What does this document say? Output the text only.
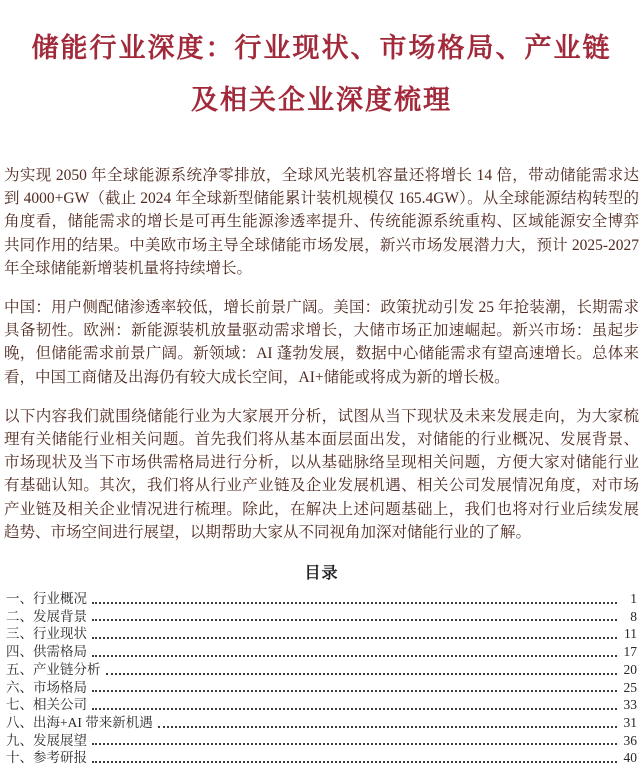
储能行业深度：行业现状、市场格局、产业链及相关企业深度梳理

为实现 2050 年全球能源系统净零排放，全球风光装机容量还将增长 14 倍，带动储能需求达到 4000+GW（截止 2024 年全球新型储能累计装机规模仅 165.4GW）。从全球能源结构转型的角度看，储能需求的增长是可再生能源渗透率提升、传统能源系统重构、区域能源安全博弈共同作用的结果。中美欧市场主导全球储能市场发展，新兴市场发展潜力大，预计 2025-2027 年全球储能新增装机量将持续增长。

中国：用户侧配储渗透率较低，增长前景广阔。美国：政策扰动引发 25 年抢装潮，长期需求具备韧性。欧洲：新能源装机放量驱动需求增长，大储市场正加速崛起。新兴市场：虽起步晚，但储能需求前景广阔。新领域：AI 蓬勃发展，数据中心储能需求有望高速增长。总体来看，中国工商储及出海仍有较大成长空间，AI+储能或将成为新的增长极。

以下内容我们就围绕储能行业为大家展开分析，试图从当下现状及未来发展走向，为大家梳理有关储能行业相关问题。首先我们将从基本面层面出发，对储能的行业概况、发展背景、市场现状及当下市场供需格局进行分析，以从基础脉络呈现相关问题，方便大家对储能行业有基础认知。其次，我们将从行业产业链及企业发展机遇、相关公司发展情况角度，对市场产业链及相关企业情况进行梳理。除此，在解决上述问题基础上，我们也将对行业后续发展趋势、市场空间进行展望，以期帮助大家从不同视角加深对储能行业的了解。

目录
一、行业概况	1
二、发展背景	8
三、行业现状	11
四、供需格局	17
五、产业链分析	20
六、市场格局	25
七、相关公司	33
八、出海+AI 带来新机遇	31
九、发展展望	36
十、参考研报	40
